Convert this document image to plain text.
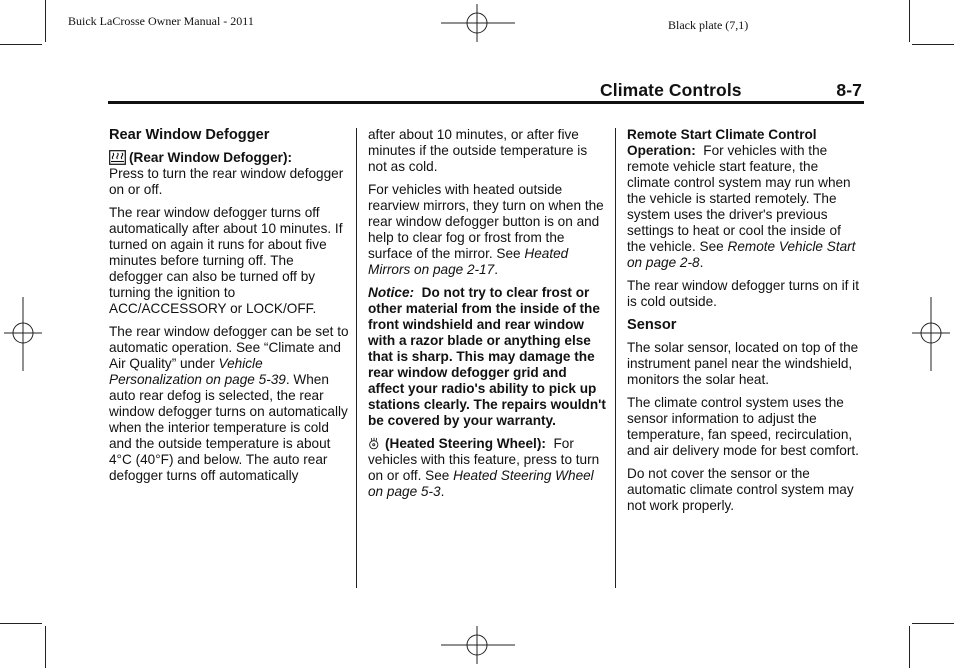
Buick LaCrosse Owner Manual - 2011	Black plate (7,1)
Climate Controls	8-7
Rear Window Defogger

(Rear Window Defogger):
Press to turn the rear window defogger on or off.

The rear window defogger turns off automatically after about 10 minutes. If turned on again it runs for about five minutes before turning off. The defogger can also be turned off by turning the ignition to ACC/ACCESSORY or LOCK/OFF.

The rear window defogger can be set to automatic operation. See “Climate and Air Quality” under Vehicle Personalization on page 5-39. When auto rear defog is selected, the rear window defogger turns on automatically when the interior temperature is cold and the outside temperature is about 4°C (40°F) and below. The auto rear defogger turns off automatically

after about 10 minutes, or after five minutes if the outside temperature is not as cold.

For vehicles with heated outside rearview mirrors, they turn on when the rear window defogger button is on and help to clear fog or frost from the surface of the mirror. See Heated Mirrors on page 2-17.

Notice: Do not try to clear frost or other material from the inside of the front windshield and rear window with a razor blade or anything else that is sharp. This may damage the rear window defogger grid and affect your radio's ability to pick up stations clearly. The repairs wouldn't be covered by your warranty.

(Heated Steering Wheel): For vehicles with this feature, press to turn on or off. See Heated Steering Wheel on page 5-3.

Remote Start Climate Control Operation: For vehicles with the remote vehicle start feature, the climate control system may run when the vehicle is started remotely. The system uses the driver's previous settings to heat or cool the inside of the vehicle. See Remote Vehicle Start on page 2-8.

The rear window defogger turns on if it is cold outside.

Sensor

The solar sensor, located on top of the instrument panel near the windshield, monitors the solar heat.

The climate control system uses the sensor information to adjust the temperature, fan speed, recirculation, and air delivery mode for best comfort.

Do not cover the sensor or the automatic climate control system may not work properly.
